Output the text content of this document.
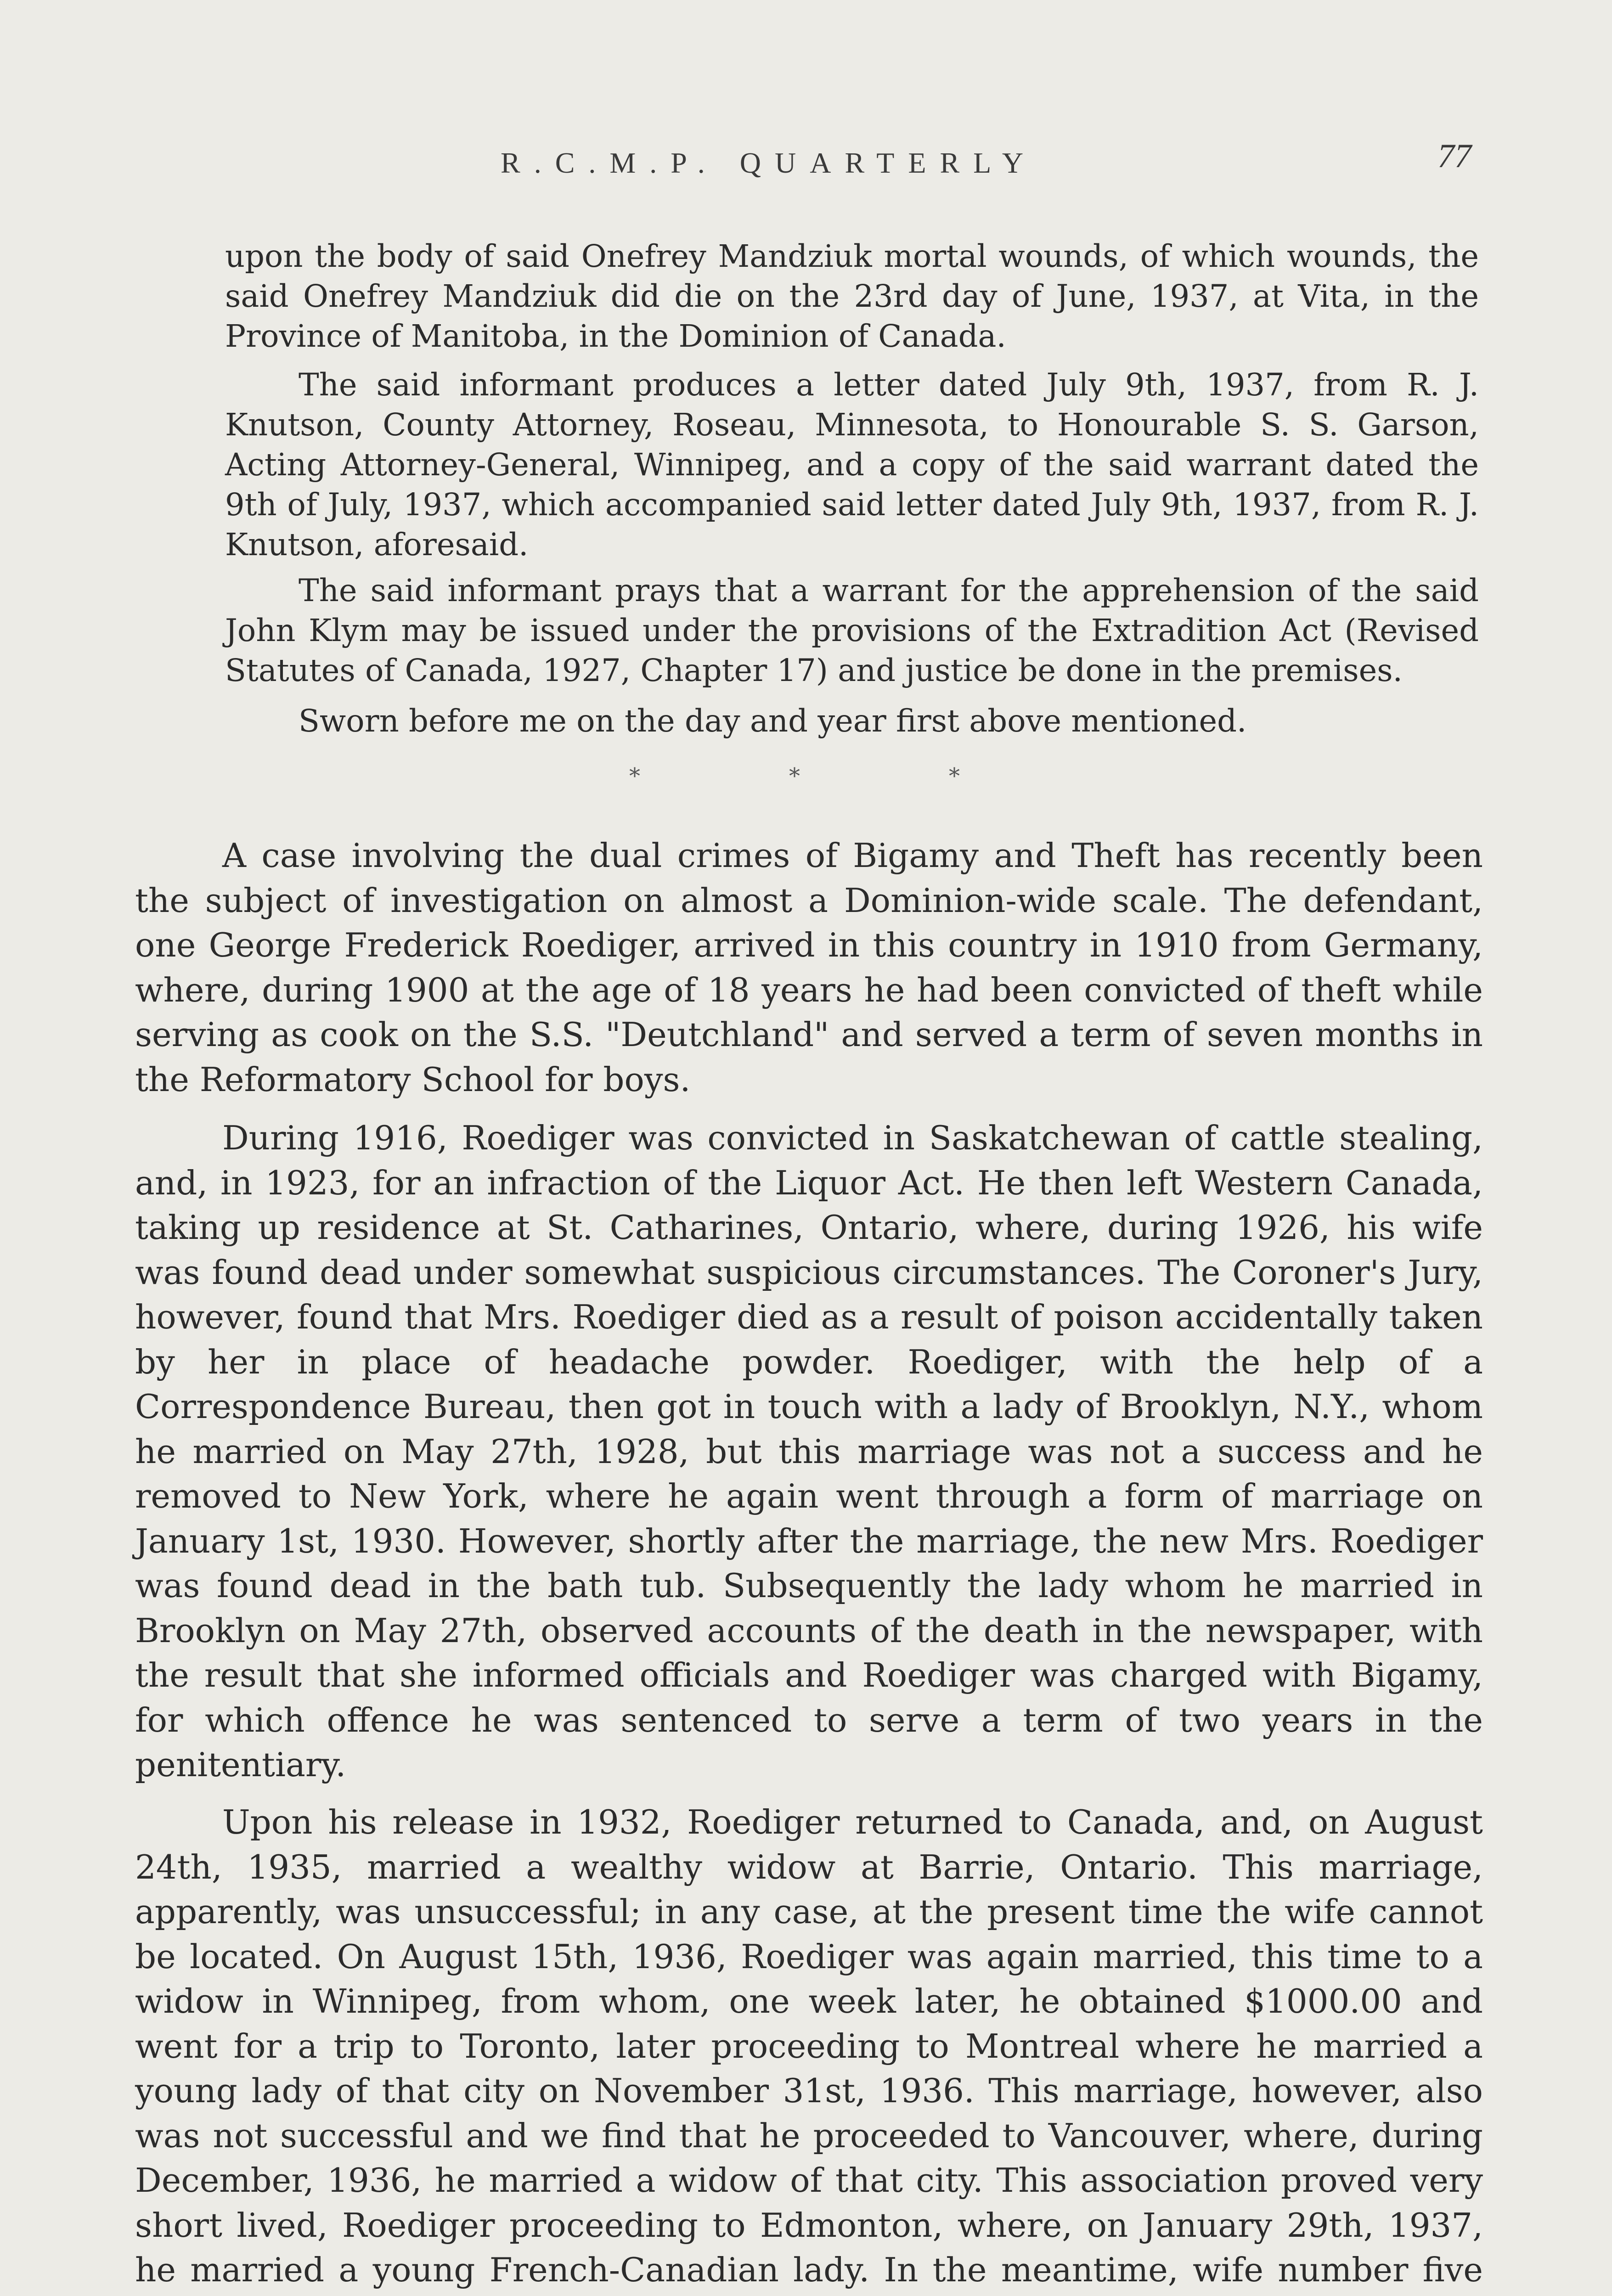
R.C.M.P. QUARTERLY	77

upon the body of said Onefrey Mandziuk mortal wounds, of which wounds, the said Onefrey Mandziuk did die on the 23rd day of June, 1937, at Vita, in the Province of Manitoba, in the Dominion of Canada.

The said informant produces a letter dated July 9th, 1937, from R. J. Knutson, County Attorney, Roseau, Minnesota, to Honourable S. S. Garson, Acting Attorney-General, Winnipeg, and a copy of the said warrant dated the 9th of July, 1937, which accompanied said letter dated July 9th, 1937, from R. J. Knutson, aforesaid.

The said informant prays that a warrant for the apprehension of the said John Klym may be issued under the provisions of the Extradition Act (Revised Statutes of Canada, 1927, Chapter 17) and justice be done in the premises.

Sworn before me on the day and year first above mentioned.

*	*	*

A case involving the dual crimes of Bigamy and Theft has recently been the subject of investigation on almost a Dominion-wide scale. The defendant, one George Frederick Roediger, arrived in this country in 1910 from Germany, where, during 1900 at the age of 18 years he had been convicted of theft while serving as cook on the S.S. "Deutchland" and served a term of seven months in the Reformatory School for boys.

During 1916, Roediger was convicted in Saskatchewan of cattle stealing, and, in 1923, for an infraction of the Liquor Act. He then left Western Canada, taking up residence at St. Catharines, Ontario, where, during 1926, his wife was found dead under somewhat suspicious circumstances. The Coroner's Jury, however, found that Mrs. Roediger died as a result of poison accidentally taken by her in place of headache powder. Roediger, with the help of a Correspondence Bureau, then got in touch with a lady of Brooklyn, N.Y., whom he married on May 27th, 1928, but this marriage was not a success and he removed to New York, where he again went through a form of marriage on January 1st, 1930. However, shortly after the marriage, the new Mrs. Roediger was found dead in the bath tub. Subsequently the lady whom he married in Brooklyn on May 27th, observed accounts of the death in the newspaper, with the result that she informed officials and Roediger was charged with Bigamy, for which offence he was sentenced to serve a term of two years in the penitentiary.

Upon his release in 1932, Roediger returned to Canada, and, on August 24th, 1935, married a wealthy widow at Barrie, Ontario. This marriage, apparently, was unsuccessful; in any case, at the present time the wife cannot be located. On August 15th, 1936, Roediger was again married, this time to a widow in Winnipeg, from whom, one week later, he obtained $1000.00 and went for a trip to Toronto, later proceeding to Montreal where he married a young lady of that city on November 31st, 1936. This marriage, however, also was not successful and we find that he proceeded to Vancouver, where, during December, 1936, he married a widow of that city. This association proved very short lived, Roediger proceeding to Edmonton, where, on January 29th, 1937, he married a young French-Canadian lady. In the meantime, wife number five
